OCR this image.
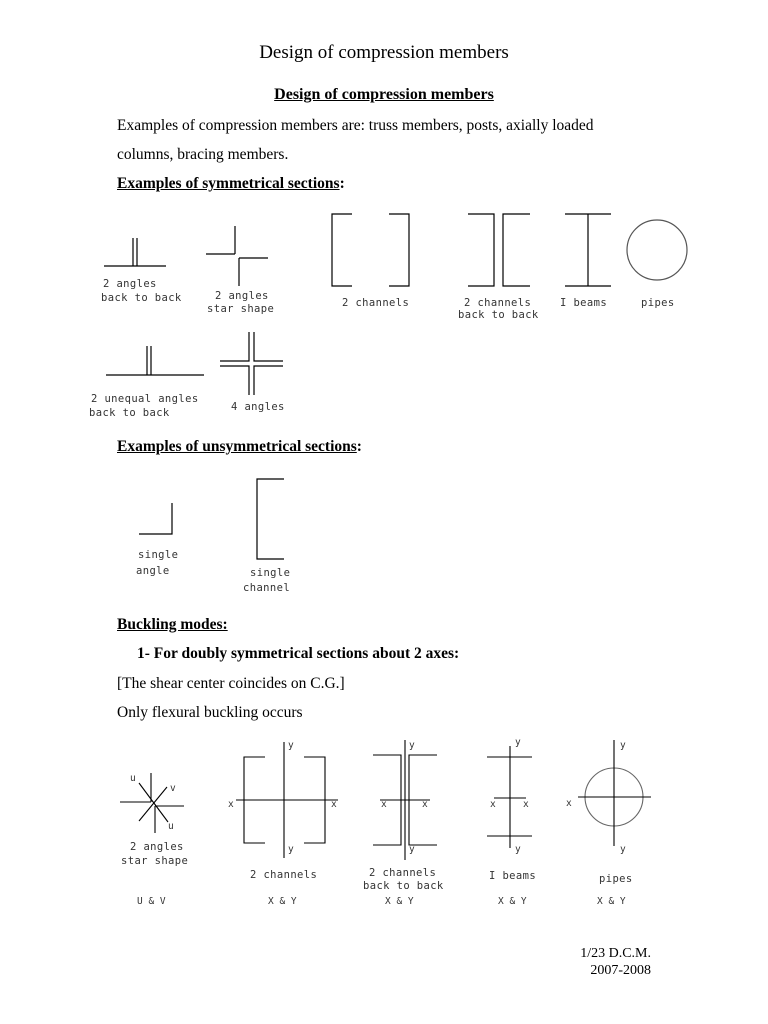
Design of compression members
Design of compression members
Examples of compression members are: truss members, posts, axially loaded
columns, bracing members.
Examples of symmetrical sections:
2 angles
back to back	2 angles
star shape	2 channels	2 channels
back to back
I beams	pipes
2 unequal angles
back to back	4 angles
single
angle	single
channel
Examples of unsymmetrical sections:
Buckling modes:
1- For doubly symmetrical sections about 2 axes:
[The shear center coincides on C.G.]
Only flexural buckling occurs
u
v
u
y
y
x	x
y
y
x	x
y
y
x	x
y
y
x
2 angles
star shape
2 channels	2 channels
back to back
I beams	pipes
U & V	X & Y	X & Y	X & Y	X & Y
1/23 D.C.M.
2007-2008
